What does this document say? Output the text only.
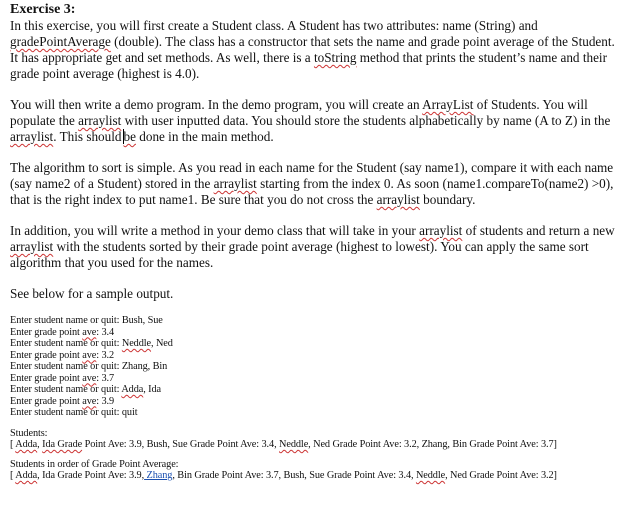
Exercise 3:

In this exercise, you will first create a Student class. A Student has two attributes: name (String) and
gradePointAverage (double). The class has a constructor that sets the name and grade point average of the Student.
It has appropriate get and set methods. As well, there is a toString method that prints the student’s name and their
grade point average (highest is 4.0).
You will then write a demo program. In the demo program, you will create an ArrayList of Students. You will
populate the arraylist with user inputted data. You should store the students alphabetically by name (A to Z) in the
arraylist. This should be done in the main method.
The algorithm to sort is simple. As you read in each name for the Student (say name1), compare it with each name
(say name2 of a Student) stored in the arraylist starting from the index 0. As soon (name1.compareTo(name2) >0),
that is the right index to put name1. Be sure that you do not cross the arraylist boundary.
In addition, you will write a method in your demo class that will take in your arraylist of students and return a new
arraylist with the students sorted by their grade point average (highest to lowest). You can apply the same sort
algorithm that you used for the names.
See below for a sample output.
Enter student name or quit: Bush, Sue
Enter grade point ave: 3.4
Enter student name or quit: Neddle, Ned
Enter grade point ave: 3.2
Enter student name or quit: Zhang, Bin
Enter grade point ave: 3.7
Enter student name or quit: Adda, Ida
Enter grade point ave: 3.9
Enter student name or quit: quit
Students:
[ Adda, Ida Grade Point Ave: 3.9, Bush, Sue Grade Point Ave: 3.4, Neddle, Ned Grade Point Ave: 3.2, Zhang, Bin Grade Point Ave: 3.7]
Students in order of Grade Point Average:
[ Adda, Ida Grade Point Ave: 3.9, Zhang, Bin Grade Point Ave: 3.7, Bush, Sue Grade Point Ave: 3.4, Neddle, Ned Grade Point Ave: 3.2]
